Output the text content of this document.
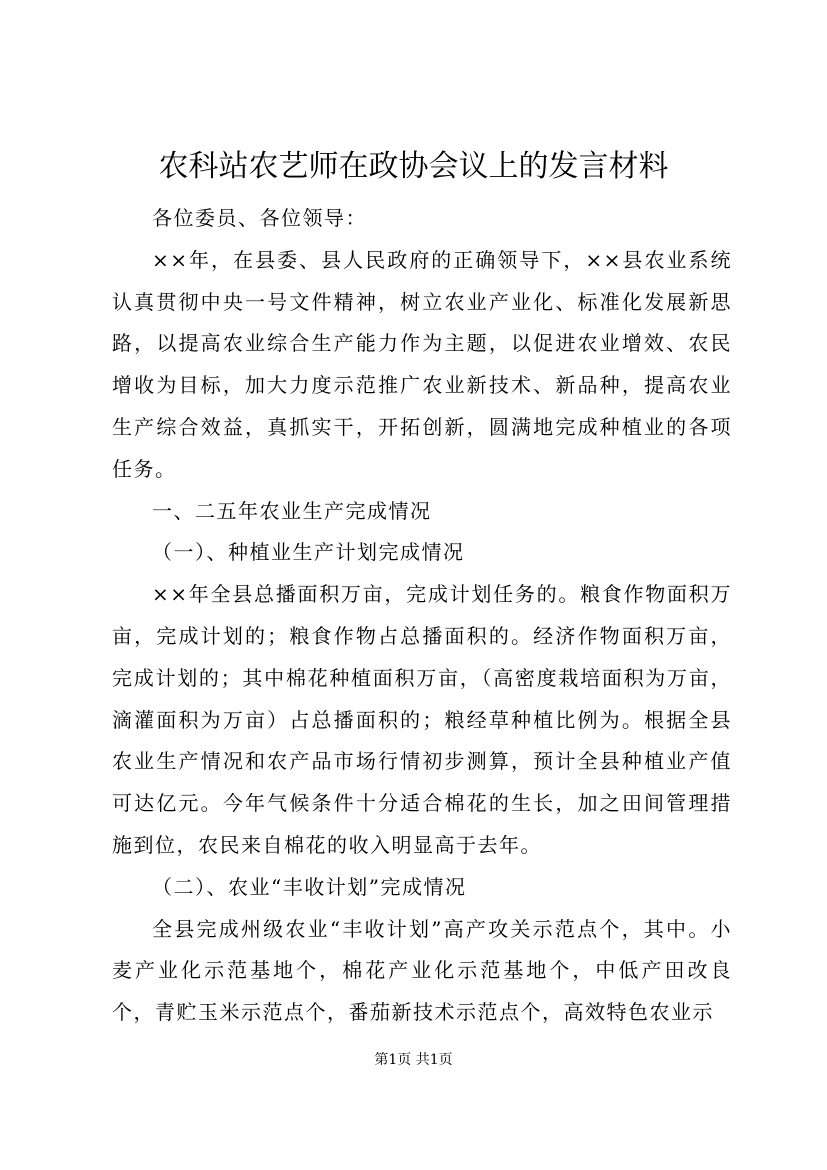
农科站农艺师在政协会议上的发言材料

各位委员、各位领导：

××年，在县委、县人民政府的正确领导下，××县农业系统认真贯彻中央一号文件精神，树立农业产业化、标准化发展新思路，以提高农业综合生产能力作为主题，以促进农业增效、农民增收为目标，加大力度示范推广农业新技术、新品种，提高农业生产综合效益，真抓实干，开拓创新，圆满地完成种植业的各项任务。

一、二五年农业生产完成情况

（一）、种植业生产计划完成情况

××年全县总播面积万亩，完成计划任务的。粮食作物面积万亩，完成计划的；粮食作物占总播面积的。经济作物面积万亩，完成计划的；其中棉花种植面积万亩，（高密度栽培面积为万亩，滴灌面积为万亩）占总播面积的；粮经草种植比例为。根据全县农业生产情况和农产品市场行情初步测算，预计全县种植业产值可达亿元。今年气候条件十分适合棉花的生长，加之田间管理措施到位，农民来自棉花的收入明显高于去年。

（二）、农业“丰收计划”完成情况

全县完成州级农业“丰收计划”高产攻关示范点个，其中。小麦产业化示范基地个，棉花产业化示范基地个，中低产田改良个，青贮玉米示范点个，番茄新技术示范点个，高效特色农业示

第1页 共1页
